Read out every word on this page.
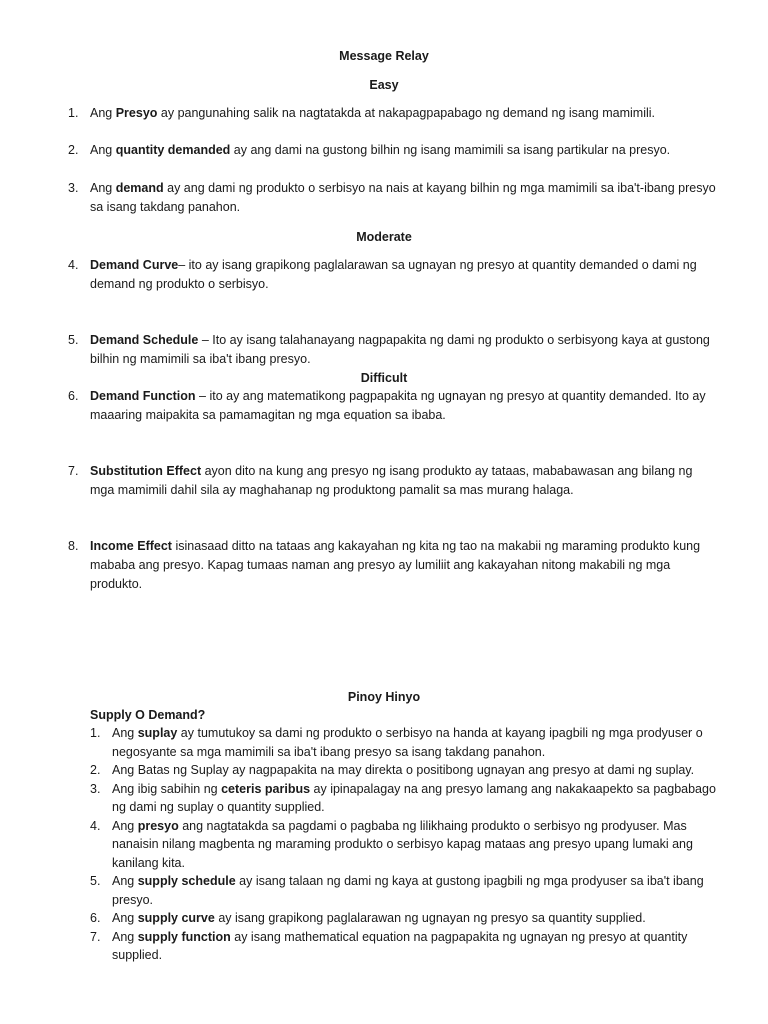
Message Relay
Easy
1. Ang Presyo ay pangunahing salik na nagtatakda at nakapagpapabago ng demand ng isang mamimili.
2. Ang quantity demanded ay ang dami na gustong bilhin ng isang mamimili sa isang partikular na presyo.
3. Ang demand ay ang dami ng produkto o serbisyo na nais at kayang bilhin ng mga mamimili sa iba't-ibang presyo sa isang takdang panahon.
Moderate
4. Demand Curve– ito ay isang grapikong paglalarawan sa ugnayan ng presyo at quantity demanded o dami ng demand ng produkto o serbisyo.
5. Demand Schedule – Ito ay isang talahanayang nagpapakita ng dami ng produkto o serbisyong kaya at gustong bilhin ng mamimili sa iba't ibang presyo.
Difficult
6. Demand Function – ito ay ang matematikong pagpapakita ng ugnayan ng presyo at quantity demanded. Ito ay maaaring maipakita sa pamamagitan ng mga equation sa ibaba.
7. Substitution Effect ayon dito na kung ang presyo ng isang produkto ay tataas, mababawasan ang bilang ng mga mamimili dahil sila ay maghahanap ng produktong pamalit sa mas murang halaga.
8. Income Effect isinasaad ditto na tataas ang kakayahan ng kita ng tao na makabii ng maraming produkto kung mababa ang presyo. Kapag tumaas naman ang presyo ay lumiliit ang kakayahan nitong makabili ng mga produkto.
Pinoy Hinyo
Supply O Demand?
1. Ang suplay ay tumutukoy sa dami ng produkto o serbisyo na handa at kayang ipagbili ng mga prodyuser o negosyante sa mga mamimili sa iba't ibang presyo sa isang takdang panahon.
2. Ang Batas ng Suplay ay nagpapakita na may direkta o positibong ugnayan ang presyo at dami ng suplay.
3. Ang ibig sabihin ng ceteris paribus ay ipinapalagay na ang presyo lamang ang nakakaapekto sa pagbabago ng dami ng suplay o quantity supplied.
4. Ang presyo ang nagtatakda sa pagdami o pagbaba ng lilikhaing produkto o serbisyo ng prodyuser. Mas nanaisin nilang magbenta ng maraming produkto o serbisyo kapag mataas ang presyo upang lumaki ang kanilang kita.
5. Ang supply schedule ay isang talaan ng dami ng kaya at gustong ipagbili ng mga prodyuser sa iba't ibang presyo.
6. Ang supply curve ay isang grapikong paglalarawan ng ugnayan ng presyo sa quantity supplied.
7. Ang supply function ay isang mathematical equation na pagpapakita ng ugnayan ng presyo at quantity supplied.
